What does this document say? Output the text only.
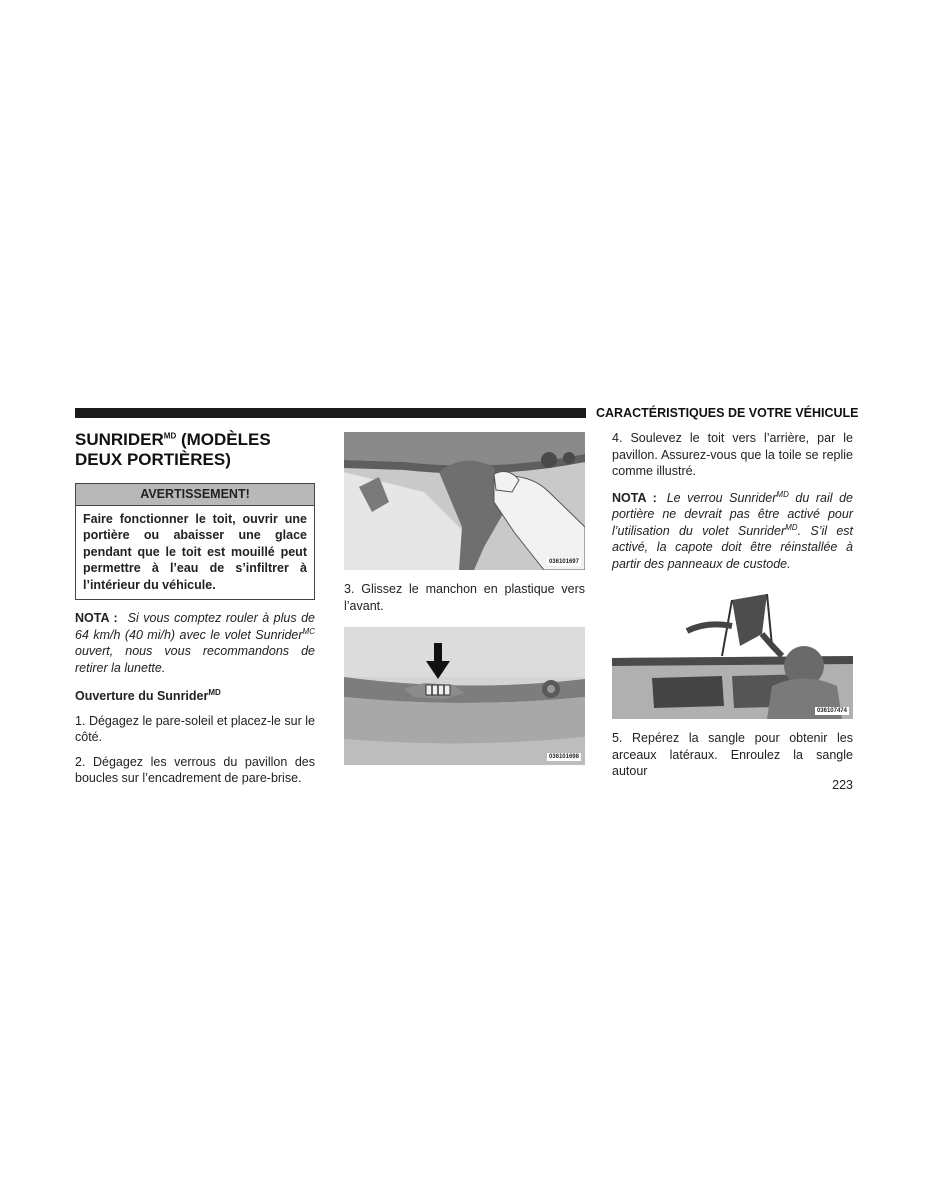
CARACTÉRISTIQUES DE VOTRE VÉHICULE
$SUNRIDER^{MD}$ (MODÈLES DEUX PORTIÈRES)
AVERTISSEMENT!
Faire fonctionner le toit, ouvrir une portière ou abaisser une glace pendant que le toit est mouillé peut permettre à l’eau de s’infiltrer à l’intérieur du véhicule.

NOTA : Si vous comptez rouler à plus de 64 km/h (40 mi/h) avec le volet Sunrider$^{MC}$ ouvert, nous vous recommandons de retirer la lunette.

Ouverture du Sunrider$^{MD}$

1. Dégagez le pare-soleil et placez-le sur le côté.

2. Dégagez les verrous du pavillon des boucles sur l’encadrement de pare-brise.

036101697

3. Glissez le manchon en plastique vers l’avant.

036101698

4. Soulevez le toit vers l’arrière, par le pavillon. Assurez-vous que la toile se replie comme illustré.

NOTA : Le verrou Sunrider$^{MD}$ du rail de portière ne devrait pas être activé pour l’utilisation du volet Sunrider$^{MD}$. S’il est activé, la capote doit être réinstallée à partir des panneaux de custode.

036107474

5. Repérez la sangle pour obtenir les arceaux latéraux. Enroulez la sangle autour

223
